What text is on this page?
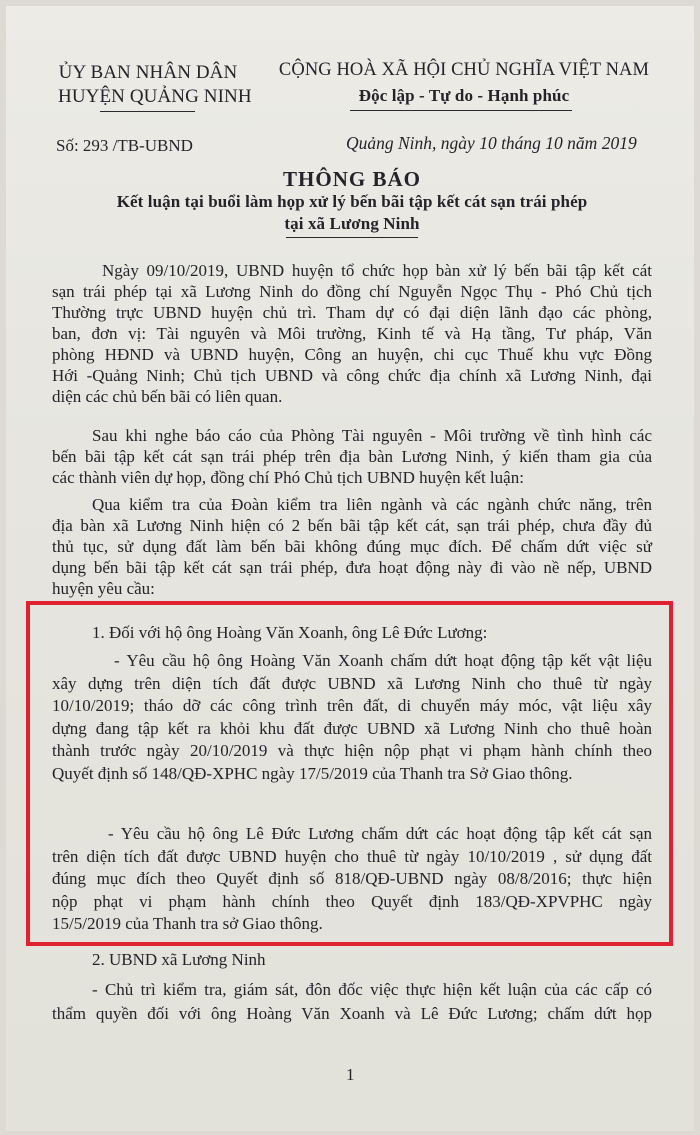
ỦY BAN NHÂN DÂN
HUYỆN QUẢNG NINH
CỘNG HOÀ XÃ HỘI CHỦ NGHĨA VIỆT NAM
Độc lập - Tự do - Hạnh phúc
Số: 293 /TB-UBND	Quảng Ninh, ngày 10 tháng 10 năm 2019
THÔNG BÁO
Kết luận tại buổi làm họp xử lý bến bãi tập kết cát sạn trái phép
tại xã Lương Ninh
Ngày 09/10/2019, UBND huyện tổ chức họp bàn xử lý bến bãi tập kết cát
sạn trái phép tại xã Lương Ninh do đồng chí Nguyễn Ngọc Thụ - Phó Chủ tịch
Thường trực UBND huyện chủ trì. Tham dự có đại diện lãnh đạo các phòng,
ban, đơn vị: Tài nguyên và Môi trường, Kinh tế và Hạ tầng, Tư pháp, Văn
phòng HĐND và UBND huyện, Công an huyện, chi cục Thuế khu vực Đồng
Hới -Quảng Ninh; Chủ tịch UBND và công chức địa chính xã Lương Ninh, đại
diện các chủ bến bãi có liên quan.
Sau khi nghe báo cáo của Phòng Tài nguyên - Môi trường về tình hình các
bến bãi tập kết cát sạn trái phép trên địa bàn Lương Ninh, ý kiến tham gia của
các thành viên dự họp, đồng chí Phó Chủ tịch UBND huyện kết luận:
Qua kiểm tra của Đoàn kiểm tra liên ngành và các ngành chức năng, trên
địa bàn xã Lương Ninh hiện có 2 bến bãi tập kết cát, sạn trái phép, chưa đầy đủ
thủ tục, sử dụng đất làm bến bãi không đúng mục đích. Để chấm dứt việc sử
dụng bến bãi tập kết cát sạn trái phép, đưa hoạt động này đi vào nề nếp, UBND
huyện yêu cầu:
1. Đối với hộ ông Hoàng Văn Xoanh, ông Lê Đức Lương:
- Yêu cầu hộ ông Hoàng Văn Xoanh chấm dứt hoạt động tập kết vật liệu
xây dựng trên diện tích đất được UBND xã Lương Ninh cho thuê từ ngày
10/10/2019; tháo dỡ các công trình trên đất, di chuyển máy móc, vật liệu xây
dựng đang tập kết ra khỏi khu đất được UBND xã Lương Ninh cho thuê hoàn
thành trước ngày 20/10/2019 và thực hiện nộp phạt vi phạm hành chính theo
Quyết định số 148/QĐ-XPHC ngày 17/5/2019 của Thanh tra Sở Giao thông.
- Yêu cầu hộ ông Lê Đức Lương chấm dứt các hoạt động tập kết cát sạn
trên diện tích đất được UBND huyện cho thuê từ ngày 10/10/2019 , sử dụng đất
đúng mục đích theo Quyết định số 818/QĐ-UBND ngày 08/8/2016; thực hiện
nộp phạt vi phạm hành chính theo Quyết định 183/QĐ-XPVPHC ngày
15/5/2019 của Thanh tra sở Giao thông.
2. UBND xã Lương Ninh
- Chủ trì kiểm tra, giám sát, đôn đốc việc thực hiện kết luận của các cấp có
thẩm quyền đối với ông Hoàng Văn Xoanh và Lê Đức Lương; chấm dứt họp
1
